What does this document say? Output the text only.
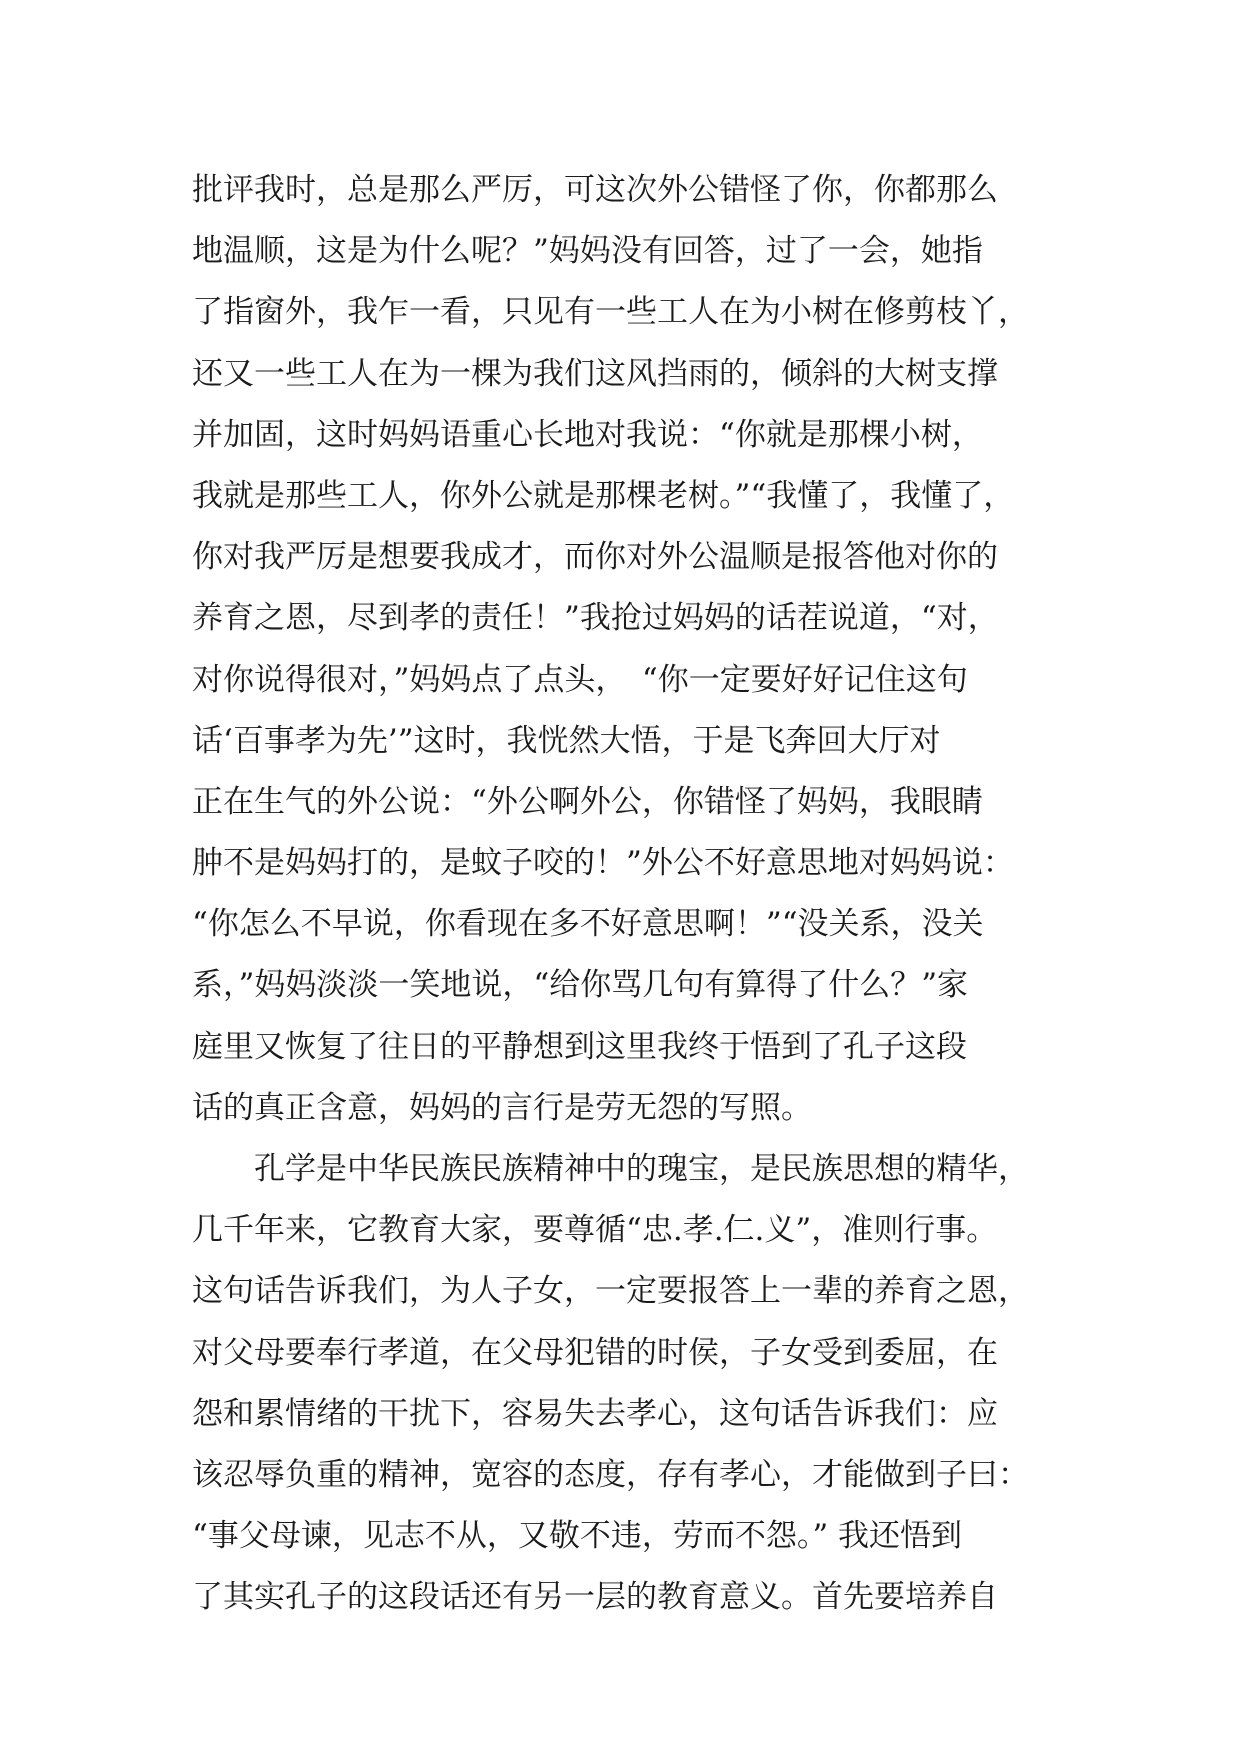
批评我时，总是那么严厉，可这次外公错怪了你，你都那么
地温顺，这是为什么呢？”妈妈没有回答，过了一会，她指
了指窗外，我乍一看，只见有一些工人在为小树在修剪枝丫，
还又一些工人在为一棵为我们这风挡雨的，倾斜的大树支撑
并加固，这时妈妈语重心长地对我说：“你就是那棵小树，
我就是那些工人，你外公就是那棵老树。”“我懂了，我懂了，
你对我严厉是想要我成才，而你对外公温顺是报答他对你的
养育之恩，尽到孝的责任！”我抢过妈妈的话茬说道，“对，
对你说得很对，”妈妈点了点头，　“你一定要好好记住这句
话‘百事孝为先’”这时，我恍然大悟，于是飞奔回大厅对
正在生气的外公说：“外公啊外公，你错怪了妈妈，我眼睛
肿不是妈妈打的，是蚊子咬的！”外公不好意思地对妈妈说：
“你怎么不早说，你看现在多不好意思啊！”“没关系，没关
系，”妈妈淡淡一笑地说，“给你骂几句有算得了什么？”家
庭里又恢复了往日的平静想到这里我终于悟到了孔子这段
话的真正含意，妈妈的言行是劳无怨的写照。
孔学是中华民族民族精神中的瑰宝，是民族思想的精华，
几千年来，它教育大家，要尊循“忠.孝.仁.义”，准则行事。
这句话告诉我们，为人子女，一定要报答上一辈的养育之恩，
对父母要奉行孝道，在父母犯错的时侯，子女受到委屈，在
怨和累情绪的干扰下，容易失去孝心，这句话告诉我们：应
该忍辱负重的精神，宽容的态度，存有孝心，才能做到子曰：
“事父母谏，见志不从，又敬不违，劳而不怨。” 我还悟到
了其实孔子的这段话还有另一层的教育意义。首先要培养自
